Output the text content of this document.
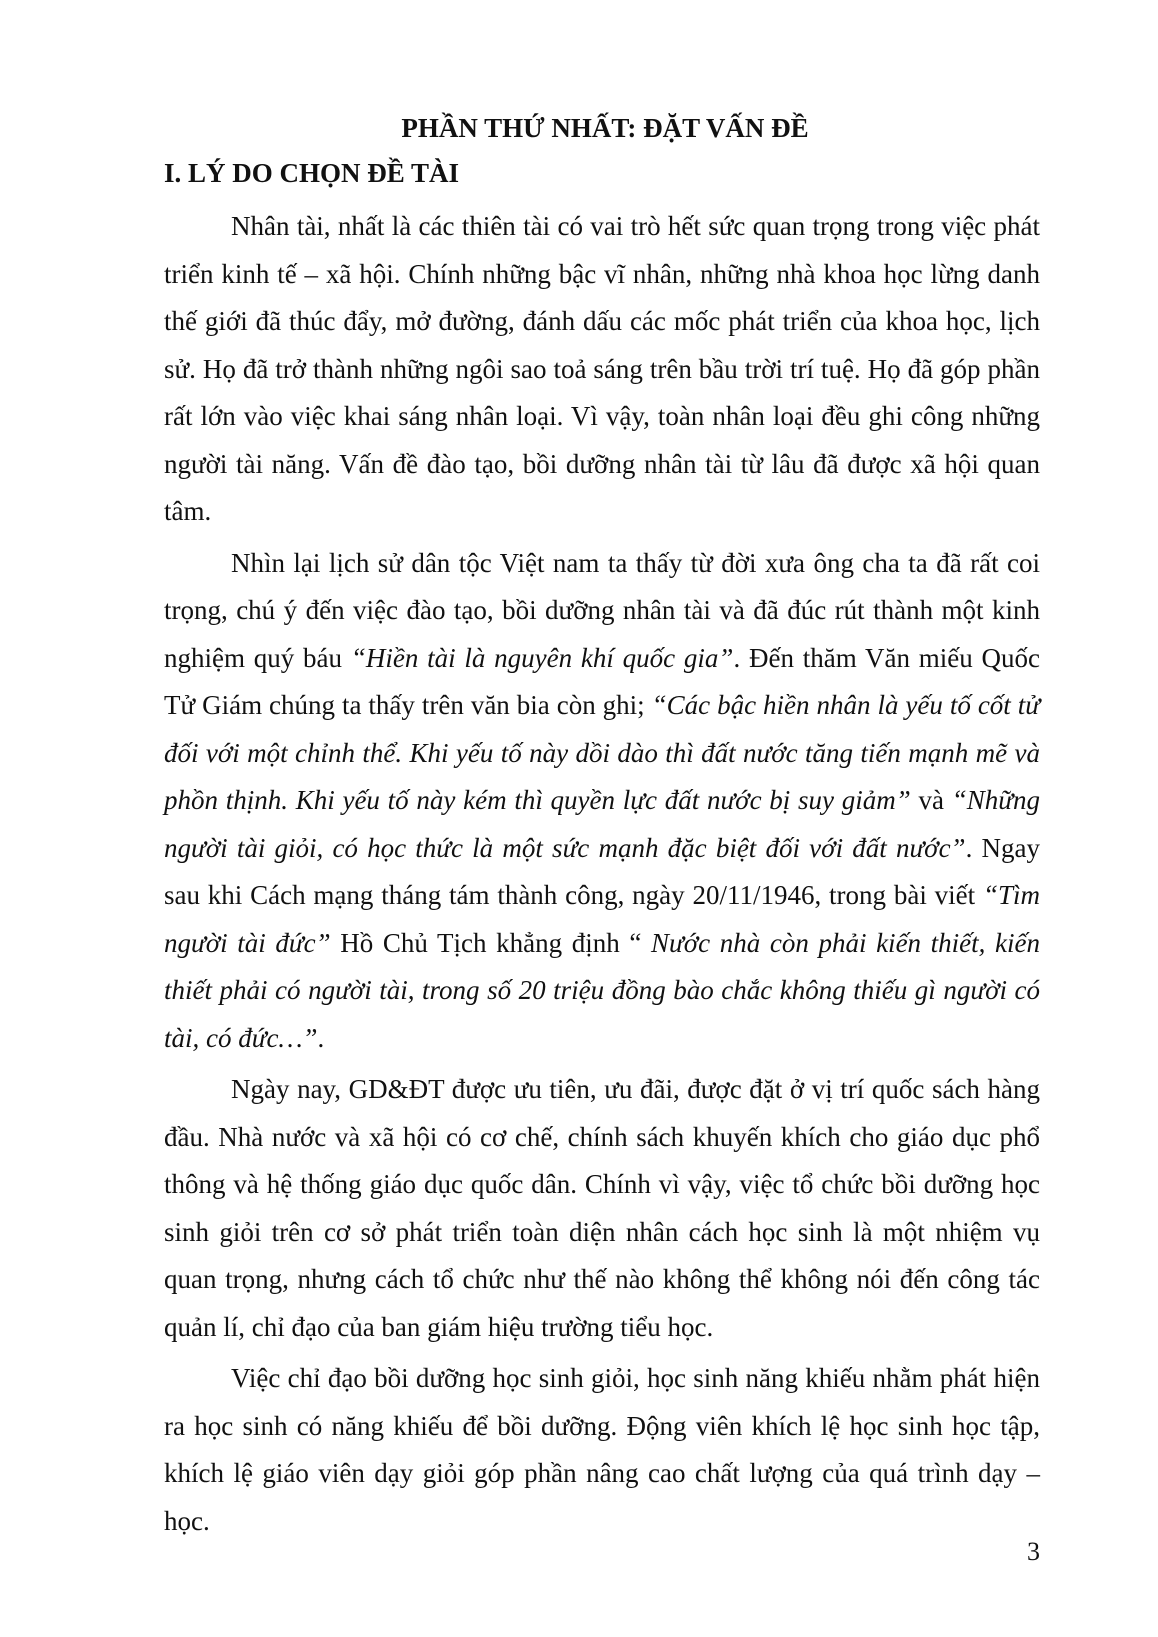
PHẦN THỨ NHẤT: ĐẶT VẤN ĐỀ
I. LÝ DO CHỌN ĐỀ TÀI

Nhân tài, nhất là các thiên tài có vai trò hết sức quan trọng trong việc phát triển kinh tế – xã hội. Chính những bậc vĩ nhân, những nhà khoa học lừng danh thế giới đã thúc đẩy, mở đường, đánh dấu các mốc phát triển của khoa học, lịch sử. Họ đã trở thành những ngôi sao toả sáng trên bầu trời trí tuệ. Họ đã góp phần rất lớn vào việc khai sáng nhân loại. Vì vậy, toàn nhân loại đều ghi công những người tài năng. Vấn đề đào tạo, bồi dưỡng nhân tài từ lâu đã được xã hội quan tâm.

Nhìn lại lịch sử dân tộc Việt nam ta thấy từ đời xưa ông cha ta đã rất coi trọng, chú ý đến việc đào tạo, bồi dưỡng nhân tài và đã đúc rút thành một kinh nghiệm quý báu “Hiền tài là nguyên khí quốc gia”. Đến thăm Văn miếu Quốc Tử Giám chúng ta thấy trên văn bia còn ghi; “Các bậc hiền nhân là yếu tố cốt tử đối với một chỉnh thể. Khi yếu tố này dồi dào thì đất nước tăng tiến mạnh mẽ và phồn thịnh. Khi yếu tố này kém thì quyền lực đất nước bị suy giảm” và “Những người tài giỏi, có học thức là một sức mạnh đặc biệt đối với đất nước”. Ngay sau khi Cách mạng tháng tám thành công, ngày 20/11/1946, trong bài viết “Tìm người tài đức” Hồ Chủ Tịch khẳng định “ Nước nhà còn phải kiến thiết, kiến thiết phải có người tài, trong số 20 triệu đồng bào chắc không thiếu gì người có tài, có đức…”.

Ngày nay, GD&ĐT được ưu tiên, ưu đãi, được đặt ở vị trí quốc sách hàng đầu. Nhà nước và xã hội có cơ chế, chính sách khuyến khích cho giáo dục phổ thông và hệ thống giáo dục quốc dân. Chính vì vậy, việc tổ chức bồi dưỡng học sinh giỏi trên cơ sở phát triển toàn diện nhân cách học sinh là một nhiệm vụ quan trọng, nhưng cách tổ chức như thế nào không thể không nói đến công tác quản lí, chỉ đạo của ban giám hiệu trường tiểu học.

Việc chỉ đạo bồi dưỡng học sinh giỏi, học sinh năng khiếu nhằm phát hiện ra học sinh có năng khiếu để bồi dưỡng. Động viên khích lệ học sinh học tập, khích lệ giáo viên dạy giỏi góp phần nâng cao chất lượng của quá trình dạy – học.

3
